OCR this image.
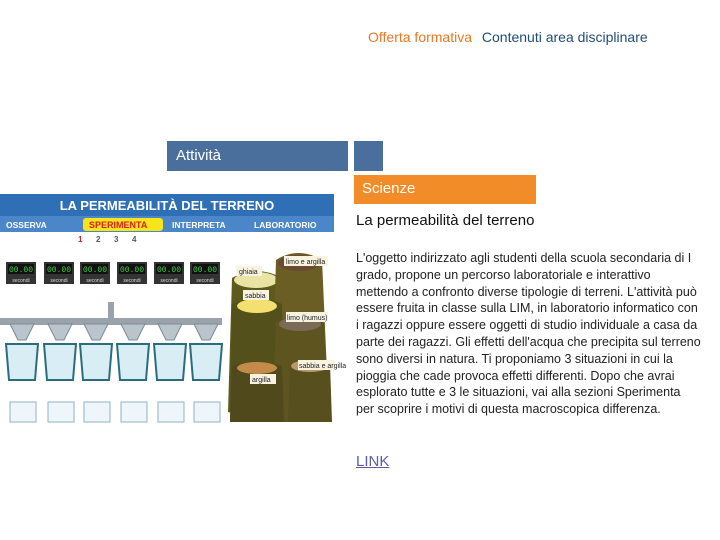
Offerta formativa Contenuti area disciplinare
Attività
Scienze
La permeabilità del terreno
L'oggetto indirizzato agli studenti della scuola secondaria di I grado, propone un percorso laboratoriale e interattivo mettendo a confronto diverse tipologie di terreni. L'attività può essere fruita in classe sulla LIM, in laboratorio informatico con i ragazzi oppure essere oggetti di studio individuale a casa da parte dei ragazzi. Gli effetti dell'acqua che precipita sul terreno sono diversi in natura. Ti proponiamo 3 situazioni in cui la pioggia che cade provoca effetti differenti. Dopo che avrai esplorato tutte e 3 le situazioni, vai alla sezioni Sperimenta per scoprire i motivi di questa macroscopica differenza.
LINK
LA PERMEABILITÀ DEL TERRENO
OSSERVA	SPERIMENTA	INTERPRETA	LABORATORIO
1 2 3 4
00.00
secondi
00.00
secondi
00.00
secondi
00.00
secondi
00.00
secondi
00.00
secondi
ghiaia
limo e argilla
sabbia
limo (humus)
argilla
sabbia e argilla
